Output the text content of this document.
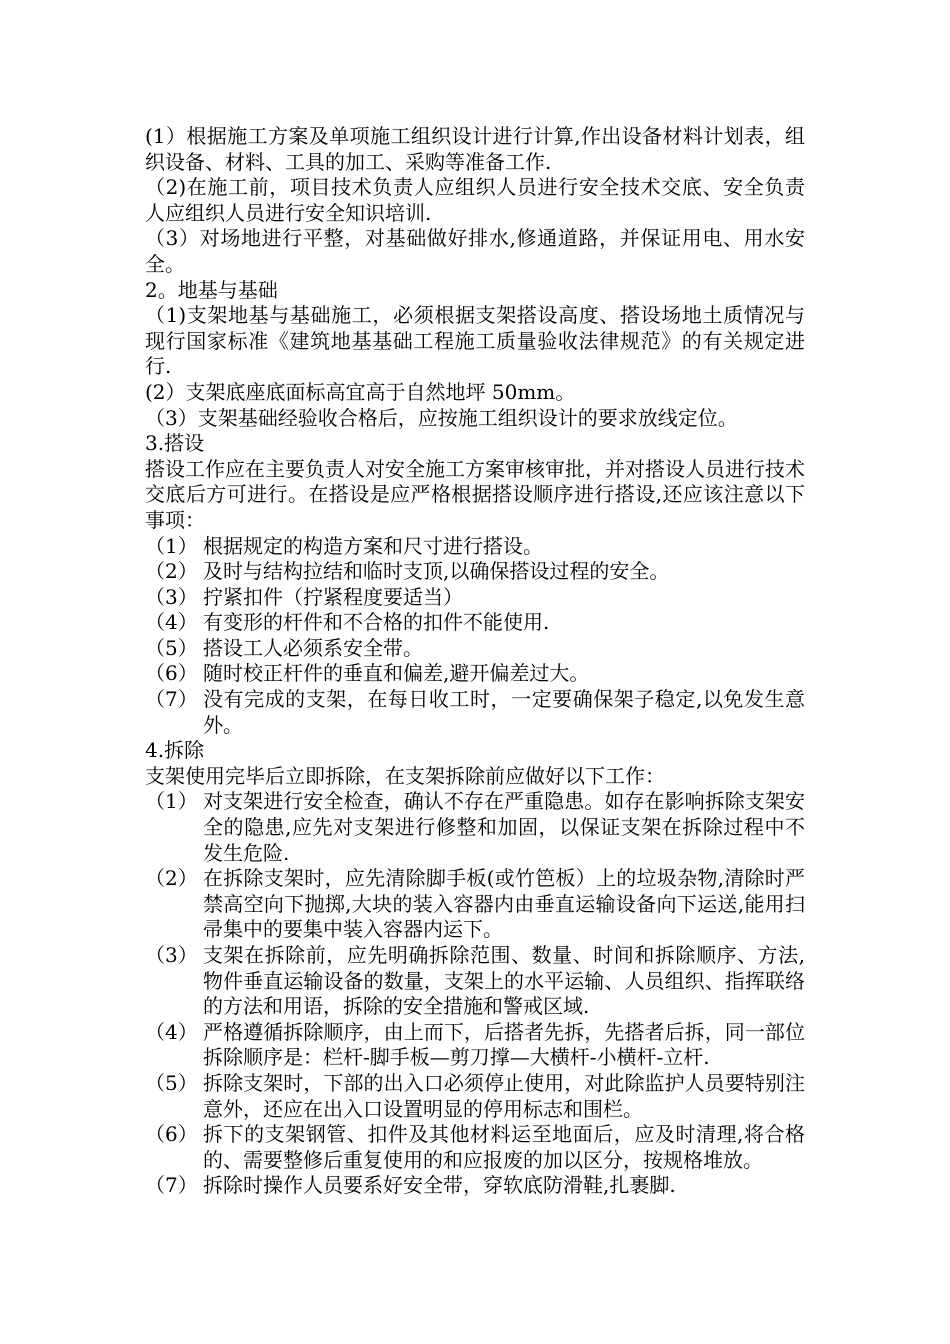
(1）根据施工方案及单项施工组织设计进行计算,作出设备材料计划表，组织设备、材料、工具的加工、采购等准备工作.

（2)在施工前，项目技术负责人应组织人员进行安全技术交底、安全负责人应组织人员进行安全知识培训.

（3）对场地进行平整，对基础做好排水,修通道路，并保证用电、用水安全。

2。地基与基础

（1)支架地基与基础施工，必须根据支架搭设高度、搭设场地土质情况与现行国家标准《建筑地基基础工程施工质量验收法律规范》的有关规定进行.

(2）支架底座底面标高宜高于自然地坪 50mm。

（3）支架基础经验收合格后，应按施工组织设计的要求放线定位。

3.搭设

搭设工作应在主要负责人对安全施工方案审核审批，并对搭设人员进行技术交底后方可进行。在搭设是应严格根据搭设顺序进行搭设,还应该注意以下事项：

（1） 根据规定的构造方案和尺寸进行搭设。
（2） 及时与结构拉结和临时支顶,以确保搭设过程的安全。
（3） 拧紧扣件（拧紧程度要适当）
（4） 有变形的杆件和不合格的扣件不能使用.
（5） 搭设工人必须系安全带。
（6） 随时校正杆件的垂直和偏差,避开偏差过大。
（7） 没有完成的支架，在每日收工时，一定要确保架子稳定,以免发生意外。

4.拆除

支架使用完毕后立即拆除，在支架拆除前应做好以下工作：

（1） 对支架进行安全检查，确认不存在严重隐患。如存在影响拆除支架安全的隐患,应先对支架进行修整和加固，以保证支架在拆除过程中不发生危险.
（2） 在拆除支架时，应先清除脚手板(或竹笆板）上的垃圾杂物,清除时严禁高空向下抛掷,大块的装入容器内由垂直运输设备向下运送,能用扫帚集中的要集中装入容器内运下。
（3） 支架在拆除前，应先明确拆除范围、数量、时间和拆除顺序、方法,物件垂直运输设备的数量，支架上的水平运输、人员组织、指挥联络的方法和用语，拆除的安全措施和警戒区域.
（4） 严格遵循拆除顺序，由上而下，后搭者先拆，先搭者后拆，同一部位拆除顺序是：栏杆-脚手板—剪刀撑—大横杆-小横杆-立杆.
（5） 拆除支架时，下部的出入口必须停止使用，对此除监护人员要特别注意外，还应在出入口设置明显的停用标志和围栏。
（6） 拆下的支架钢管、扣件及其他材料运至地面后，应及时清理,将合格的、需要整修后重复使用的和应报废的加以区分，按规格堆放。
（7） 拆除时操作人员要系好安全带，穿软底防滑鞋,扎裹脚.
